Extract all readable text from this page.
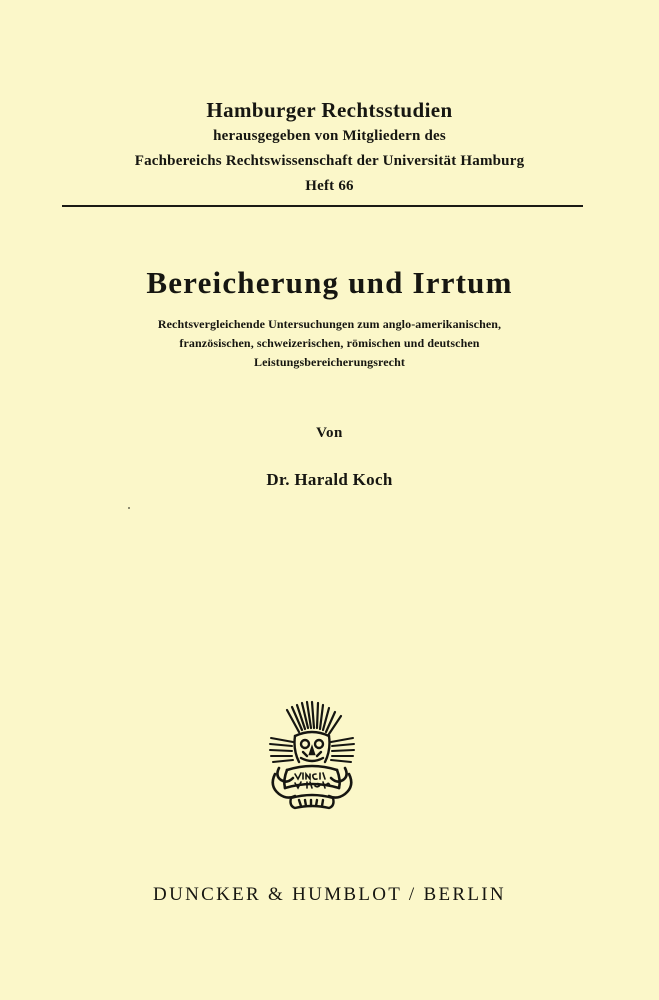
Hamburger Rechtsstudien
herausgegeben von Mitgliedern des
Fachbereichs Rechtswissenschaft der Universität Hamburg
Heft 66
Bereicherung und Irrtum
Rechtsvergleichende Untersuchungen zum anglo-amerikanischen,
französischen, schweizerischen, römischen und deutschen
Leistungsbereicherungsrecht
Von
Dr. Harald Koch
DUNCKER & HUMBLOT / BERLIN
